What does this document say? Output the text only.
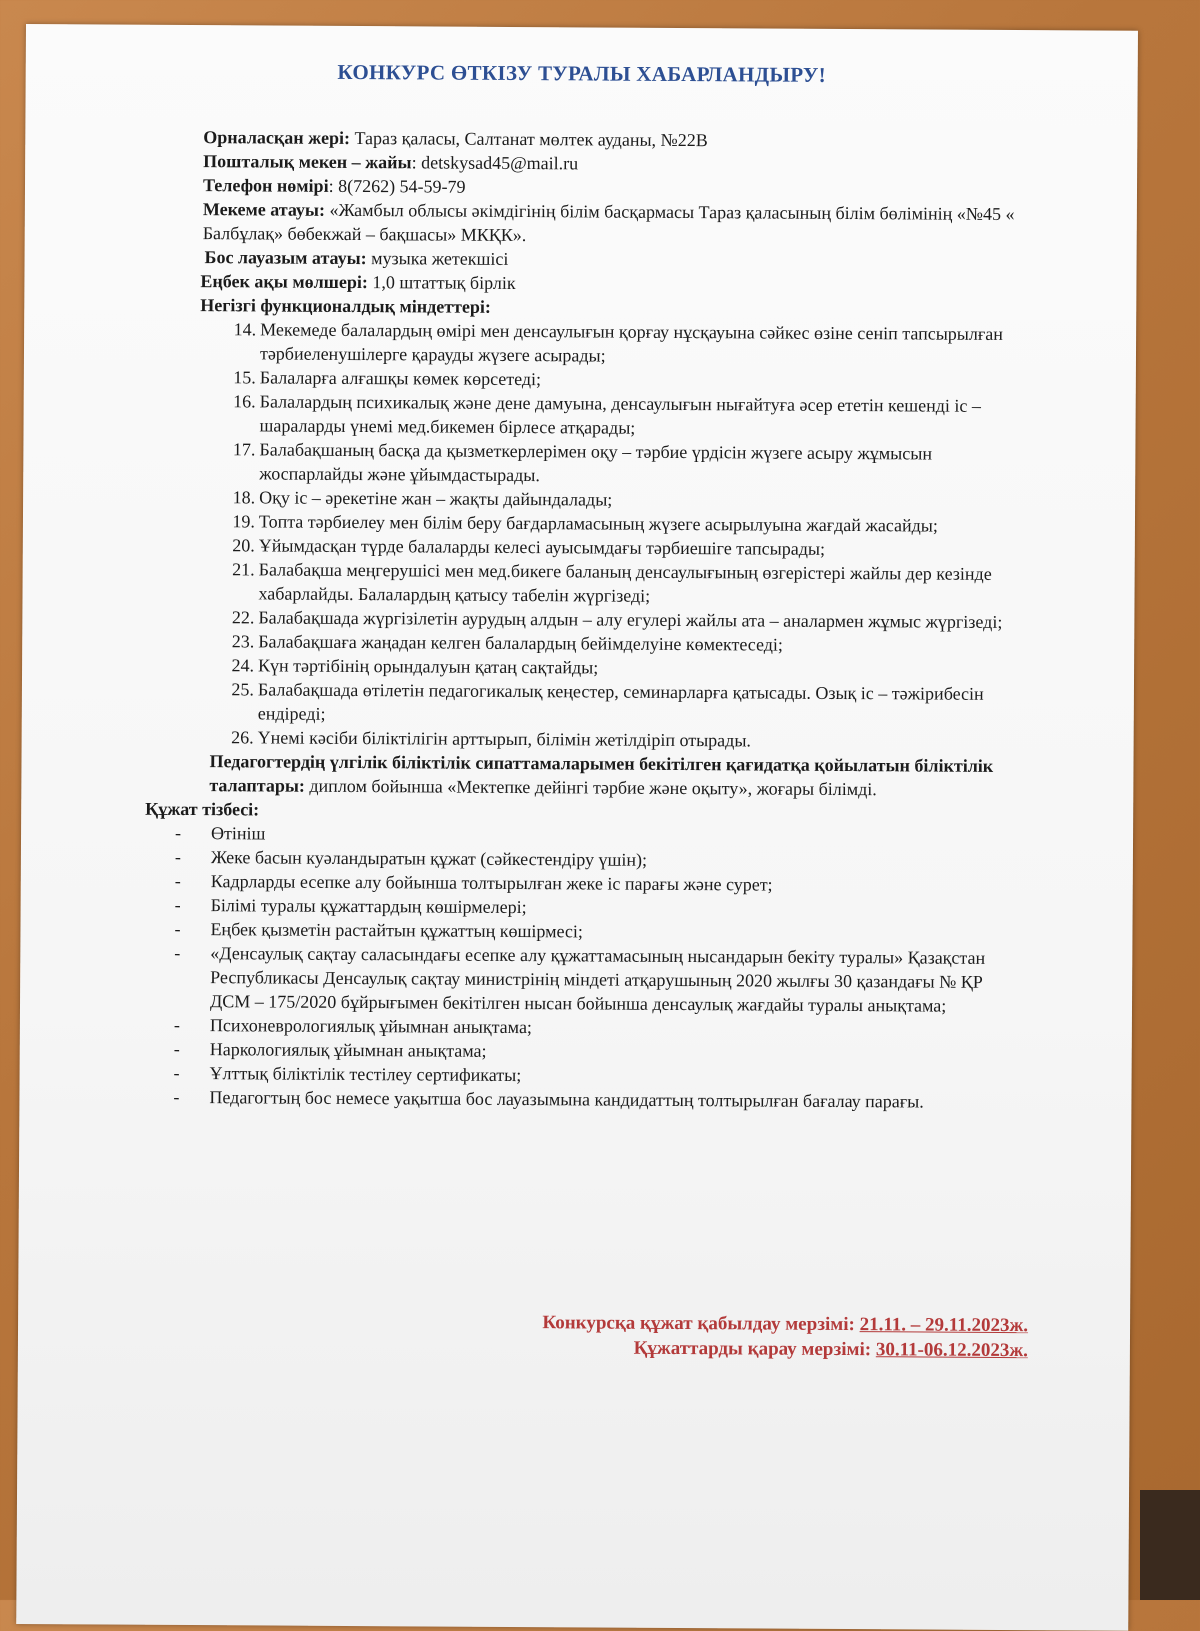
КОНКУРС ӨТКІЗУ ТУРАЛЫ ХАБАРЛАНДЫРУ!

Орналасқан жері: Тараз қаласы, Салтанат мөлтек ауданы, №22В

Пошталық мекен – жайы: detskysad45@mail.ru

Телефон нөмірі: 8(7262) 54-59-79

Мекеме атауы: «Жамбыл облысы әкімдігінің білім басқармасы Тараз қаласының білім бөлімінің «№45 « Балбұлақ» бөбекжай – бақшасы» МКҚК».

Бос лауазым атауы: музыка жетекшісі

Еңбек ақы мөлшері: 1,0 штаттық бірлік

Негізгі функционалдық міндеттері:

14. Мекемеде балалардың өмірі мен денсаулығын қорғау нұсқауына сәйкес өзіне сеніп тапсырылған тәрбиеленушілерге қарауды жүзеге асырады;
15. Балаларға алғашқы көмек көрсетеді;
16. Балалардың психикалық және дене дамуына, денсаулығын нығайтуға әсер ететін кешенді іс – шараларды үнемі мед.бикемен бірлесе атқарады;
17. Балабақшаның басқа да қызметкерлерімен оқу – тәрбие үрдісін жүзеге асыру жұмысын жоспарлайды және ұйымдастырады.
18. Оқу іс – әрекетіне жан – жақты дайындалады;
19. Топта тәрбиелеу мен білім беру бағдарламасының жүзеге асырылуына жағдай жасайды;
20. Ұйымдасқан түрде балаларды келесі ауысымдағы тәрбиешіге тапсырады;
21. Балабақша меңгерушісі мен мед.бикеге баланың денсаулығының өзгерістері жайлы дер кезінде хабарлайды. Балалардың қатысу табелін жүргізеді;
22. Балабақшада жүргізілетін аурудың алдын – алу егулері жайлы ата – аналармен жұмыс жүргізеді;
23. Балабақшаға жаңадан келген балалардың бейімделуіне көмектеседі;
24. Күн тәртібінің орындалуын қатаң сақтайды;
25. Балабақшада өтілетін педагогикалық кеңестер, семинарларға қатысады. Озық іс – тәжірибесін ендіреді;
26. Үнемі кәсіби біліктілігін арттырып, білімін жетілдіріп отырады.

Педагогтердің үлгілік біліктілік сипаттамаларымен бекітілген қағидатқа қойылатын біліктілік талаптары: диплом бойынша «Мектепке дейінгі тәрбие және оқыту», жоғары білімді.

Құжат тізбесі:

- Өтініш
- Жеке басын куәландыратын құжат (сәйкестендіру үшін);
- Кадрларды есепке алу бойынша толтырылған жеке іс парағы және сурет;
- Білімі туралы құжаттардың көшірмелері;
- Еңбек қызметін растайтын құжаттың көшірмесі;
- «Денсаулық сақтау саласындағы есепке алу құжаттамасының нысандарын бекіту туралы» Қазақстан Республикасы Денсаулық сақтау министрінің міндеті атқарушының 2020 жылғы 30 қазандағы № ҚР ДСМ – 175/2020 бұйрығымен бекітілген нысан бойынша денсаулық жағдайы туралы анықтама;
- Психоневрологиялық ұйымнан анықтама;
- Наркологиялық ұйымнан анықтама;
- Ұлттық біліктілік тестілеу сертификаты;
- Педагогтың бос немесе уақытша бос лауазымына кандидаттың толтырылған бағалау парағы.
Конкурсқа құжат қабылдау мерзімі: 21.11. – 29.11.2023ж.
Құжаттарды қарау мерзімі: 30.11-06.12.2023ж.
